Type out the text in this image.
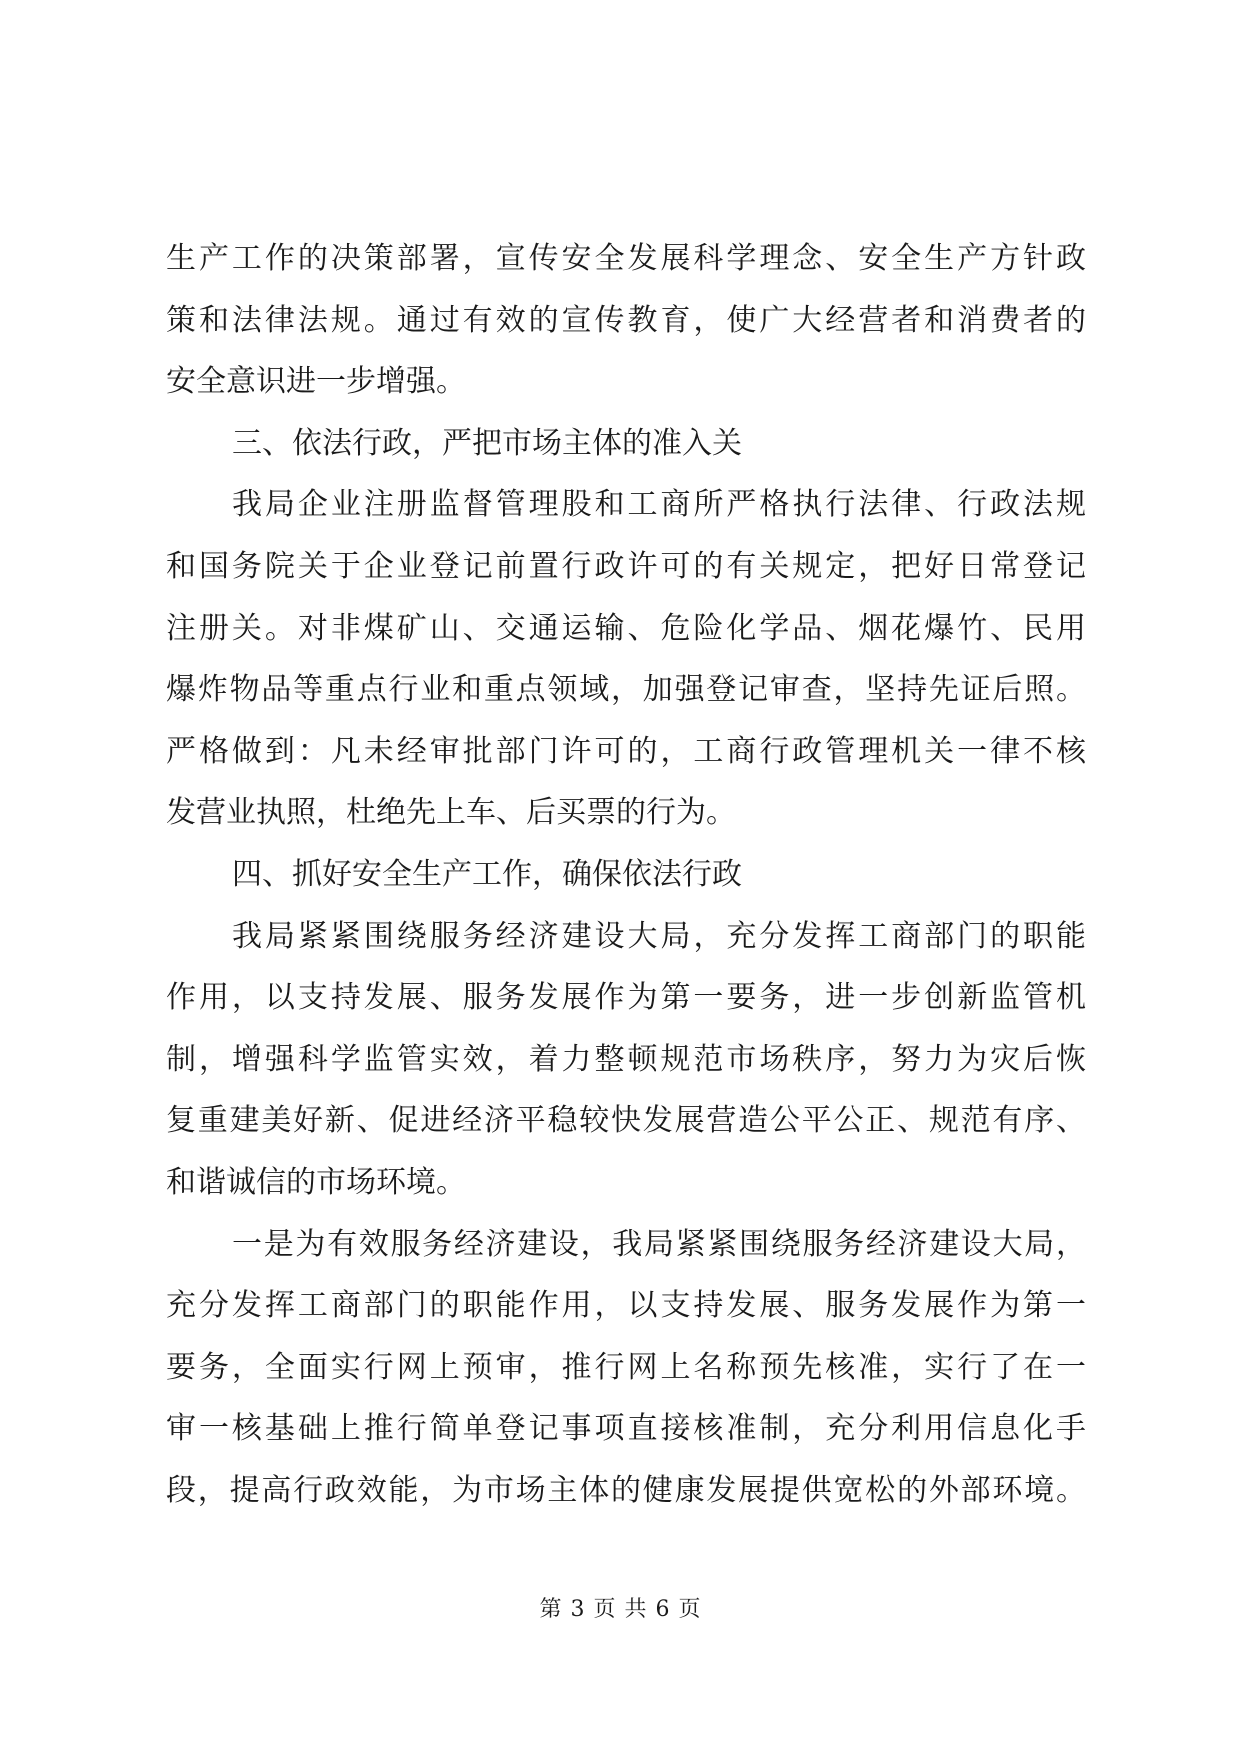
生产工作的决策部署，宣传安全发展科学理念、安全生产方针政
策和法律法规。通过有效的宣传教育，使广大经营者和消费者的
安全意识进一步增强。
三、依法行政，严把市场主体的准入关
我局企业注册监督管理股和工商所严格执行法律、行政法规
和国务院关于企业登记前置行政许可的有关规定，把好日常登记
注册关。对非煤矿山、交通运输、危险化学品、烟花爆竹、民用
爆炸物品等重点行业和重点领域，加强登记审查，坚持先证后照。
严格做到：凡未经审批部门许可的，工商行政管理机关一律不核
发营业执照，杜绝先上车、后买票的行为。
四、抓好安全生产工作，确保依法行政
我局紧紧围绕服务经济建设大局，充分发挥工商部门的职能
作用，以支持发展、服务发展作为第一要务，进一步创新监管机
制，增强科学监管实效，着力整顿规范市场秩序，努力为灾后恢
复重建美好新、促进经济平稳较快发展营造公平公正、规范有序、
和谐诚信的市场环境。
一是为有效服务经济建设，我局紧紧围绕服务经济建设大局，
充分发挥工商部门的职能作用，以支持发展、服务发展作为第一
要务，全面实行网上预审，推行网上名称预先核准，实行了在一
审一核基础上推行简单登记事项直接核准制，充分利用信息化手
段，提高行政效能，为市场主体的健康发展提供宽松的外部环境。
第 3 页 共 6 页
